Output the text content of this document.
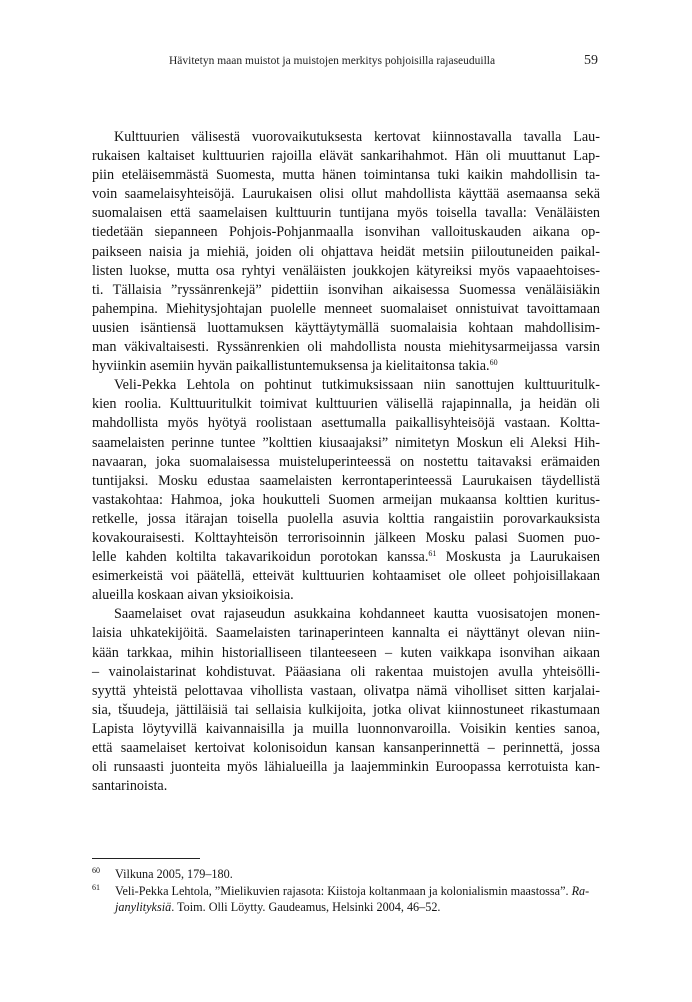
Hävitetyn maan muistot ja muistojen merkitys pohjoisilla rajaseuduilla	59
Kulttuurien välisestä vuorovaikutuksesta kertovat kiinnostavalla tavalla Lau-
rukaisen kaltaiset kulttuurien rajoilla elävät sankarihahmot. Hän oli muuttanut Lap-
piin eteläisemmästä Suomesta, mutta hänen toimintansa tuki kaikin mahdollisin ta-
voin saamelaisyhteisöjä. Laurukaisen olisi ollut mahdollista käyttää asemaansa sekä
suomalaisen että saamelaisen kulttuurin tuntijana myös toisella tavalla: Venäläisten
tiedetään siepanneen Pohjois-Pohjanmaalla isonvihan valloituskauden aikana op-
paikseen naisia ja miehiä, joiden oli ohjattava heidät metsiin piiloutuneiden paikal-
listen luokse, mutta osa ryhtyi venäläisten joukkojen kätyreiksi myös vapaaehtoises-
ti. Tällaisia ”ryssänrenkejä” pidettiin isonvihan aikaisessa Suomessa venäläisiäkin
pahempina. Miehitysjohtajan puolelle menneet suomalaiset onnistuivat tavoittamaan
uusien isäntiensä luottamuksen käyttäytymällä suomalaisia kohtaan mahdollisim-
man väkivaltaisesti. Ryssänrenkien oli mahdollista nousta miehitysarmeijassa varsin
hyviinkin asemiin hyvän paikallistuntemuksensa ja kielitaitonsa takia.$^{60}$
Veli-Pekka Lehtola on pohtinut tutkimuksissaan niin sanottujen kulttuuritulk-
kien roolia. Kulttuuritulkit toimivat kulttuurien välisellä rajapinnalla, ja heidän oli
mahdollista myös hyötyä roolistaan asettumalla paikallisyhteisöjä vastaan. Koltta-
saamelaisten perinne tuntee ”kolttien kiusaajaksi” nimitetyn Moskun eli Aleksi Hih-
navaaran, joka suomalaisessa muisteluperinteessä on nostettu taitavaksi erämaiden
tuntijaksi. Mosku edustaa saamelaisten kerrontaperinteessä Laurukaisen täydellistä
vastakohtaa: Hahmoa, joka houkutteli Suomen armeijan mukaansa kolttien kuritus-
retkelle, jossa itärajan toisella puolella asuvia kolttia rangaistiin porovarkauksista
kovakouraisesti. Kolttayhteisön terrorisoinnin jälkeen Mosku palasi Suomen puo-
lelle kahden koltilta takavarikoidun porotokan kanssa.$^{61}$ Moskusta ja Laurukaisen
esimerkeistä voi päätellä, etteivät kulttuurien kohtaamiset ole olleet pohjoisillakaan
alueilla koskaan aivan yksioikoisia.
Saamelaiset ovat rajaseudun asukkaina kohdanneet kautta vuosisatojen monen-
laisia uhkatekijöitä. Saamelaisten tarinaperinteen kannalta ei näyttänyt olevan niin-
kään tarkkaa, mihin historialliseen tilanteeseen – kuten vaikkapa isonvihan aikaan
– vainolaistarinat kohdistuvat. Pääasiana oli rakentaa muistojen avulla yhteisölli-
syyttä yhteistä pelottavaa vihollista vastaan, olivatpa nämä viholliset sitten karjalai-
sia, tšuudeja, jättiläisiä tai sellaisia kulkijoita, jotka olivat kiinnostuneet rikastumaan
Lapista löytyvillä kaivannaisilla ja muilla luonnonvaroilla. Voisikin kenties sanoa,
että saamelaiset kertoivat kolonisoidun kansan kansanperinnettä – perinnettä, jossa
oli runsaasti juonteita myös lähialueilla ja laajemminkin Euroopassa kerrotuista kan-
santarinoista.
60 Vilkuna 2005, 179–180.
61 Veli-Pekka Lehtola, ”Mielikuvien rajasota: Kiistoja koltanmaan ja kolonialismin maastossa”. Ra-
janylityksiä. Toim. Olli Löytty. Gaudeamus, Helsinki 2004, 46–52.
